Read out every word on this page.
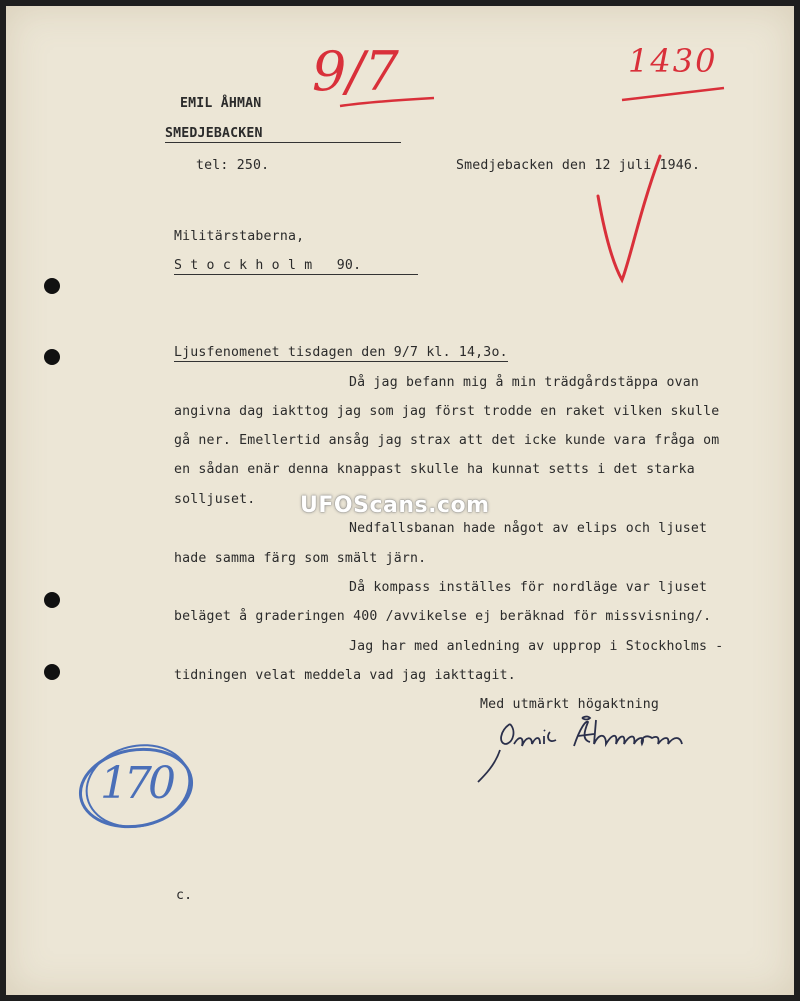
EMIL ÅHMAN
SMEDJEBACKEN
tel: 250.	Smedjebacken den 12 juli 1946.
Militärstaberna,
S t o c k h o l m   90.
Ljusfenomenet tisdagen den 9/7 kl. 14,3o.
Då jag befann mig å min trädgårdstäppa ovan
angivna dag iakttog jag som jag först trodde en raket vilken skulle
gå ner. Emellertid ansåg jag strax att det icke kunde vara fråga om
en sådan enär denna knappast skulle ha kunnat setts i det starka
solljuset.
Nedfallsbanan hade något av elips och ljuset
hade samma färg som smält järn.
Då kompass inställes för nordläge var ljuset
beläget å graderingen 400 /avvikelse ej beräknad för missvisning/.
Jag har med anledning av upprop i Stockholms -
tidningen velat meddela vad jag iakttagit.
Med utmärkt högaktning
c.
9/7	1430
170
UFOScans.com
